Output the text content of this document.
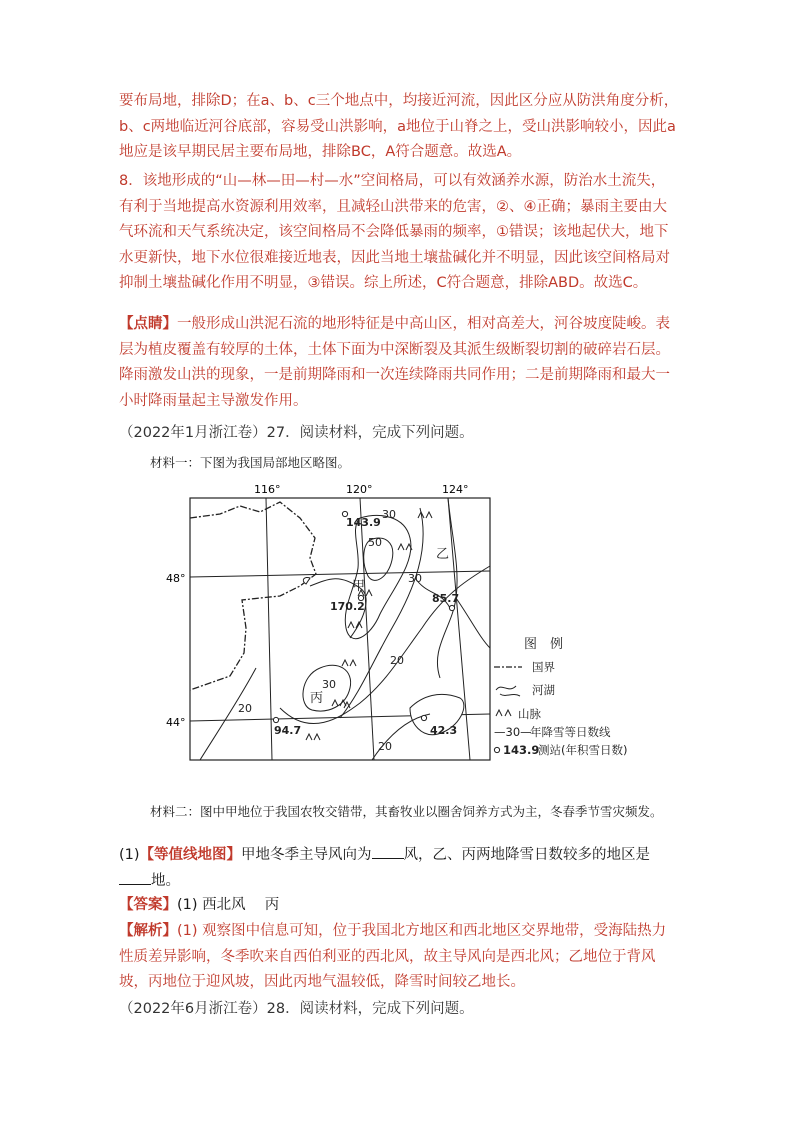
要布局地，排除D；在a、b、c三个地点中，均接近河流，因此区分应从防洪角度分析，b、c两地临近河谷底部，容易受山洪影响，a地位于山脊之上，受山洪影响较小，因此a地应是该早期民居主要布局地，排除BC，A符合题意。故选A。
8．该地形成的“山—林—田—村—水”空间格局，可以有效涵养水源，防治水土流失，有利于当地提高水资源利用效率，且减轻山洪带来的危害，②、④正确；暴雨主要由大气环流和天气系统决定，该空间格局不会降低暴雨的频率，①错误；该地起伏大，地下水更新快，地下水位很难接近地表，因此当地土壤盐碱化并不明显，因此该空间格局对抑制土壤盐碱化作用不明显，③错误。综上所述，C符合题意，排除ABD。故选C。
【点睛】一般形成山洪泥石流的地形特征是中高山区，相对高差大，河谷坡度陡峻。表层为植皮覆盖有较厚的土体，土体下面为中深断裂及其派生级断裂切割的破碎岩石层。降雨激发山洪的现象，一是前期降雨和一次连续降雨共同作用；二是前期降雨和最大一小时降雨量起主导激发作用。
（2022年1月浙江卷）27．阅读材料，完成下列问题。
材料一：下图为我国局部地区略图。
116°	120°	124°
48°
44°
30
50
30
20
30
20
20
143.9
170.2
85.7
94.7	42.3
甲
乙
丙
图　例
国界
河湖
山脉
—30—
年降雪等日数线
143.9
测站(年积雪日数)
材料二：图中甲地位于我国农牧交错带，其畜牧业以圈舍饲养方式为主，冬春季节雪灾频发。
(1)【等值线地图】甲地冬季主导风向为 风，乙、丙两地降雪日数较多的地区是地。
【答案】(1) 西北风　 丙
【解析】(1) 观察图中信息可知，位于我国北方地区和西北地区交界地带，受海陆热力性质差异影响，冬季吹来自西伯利亚的西北风，故主导风向是西北风；乙地位于背风坡，丙地位于迎风坡，因此丙地气温较低，降雪时间较乙地长。
（2022年6月浙江卷）28．阅读材料，完成下列问题。
